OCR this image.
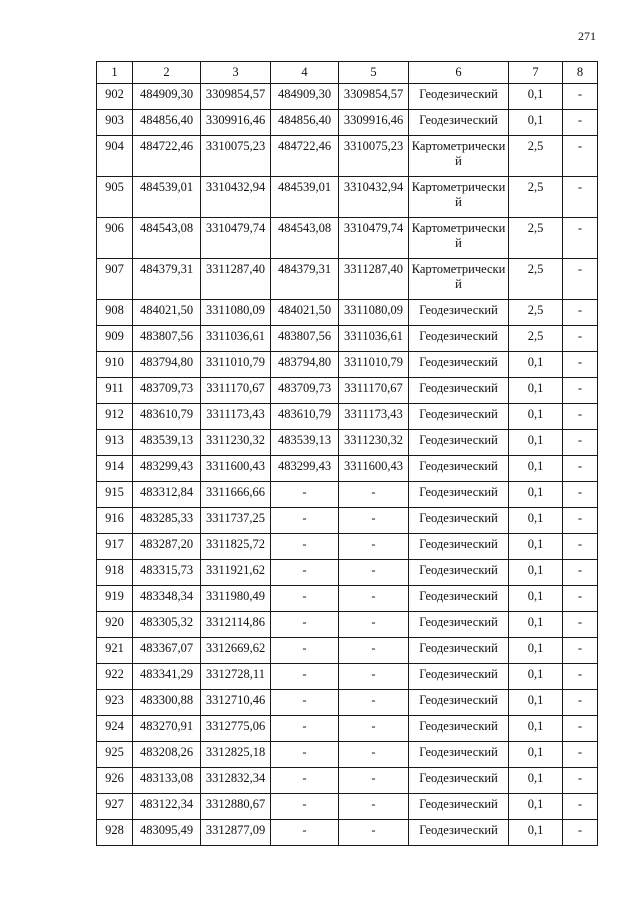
271
1	2	3	4	5	6	7	8
902	484909,30	3309854,57	484909,30	3309854,57	Геодезический	0,1	-
903	484856,40	3309916,46	484856,40	3309916,46	Геодезический	0,1	-
904	484722,46	3310075,23	484722,46	3310075,23	Картометрический	2,5	-
905	484539,01	3310432,94	484539,01	3310432,94	Картометрический	2,5	-
906	484543,08	3310479,74	484543,08	3310479,74	Картометрический	2,5	-
907	484379,31	3311287,40	484379,31	3311287,40	Картометрический	2,5	-
908	484021,50	3311080,09	484021,50	3311080,09	Геодезический	2,5	-
909	483807,56	3311036,61	483807,56	3311036,61	Геодезический	2,5	-
910	483794,80	3311010,79	483794,80	3311010,79	Геодезический	0,1	-
911	483709,73	3311170,67	483709,73	3311170,67	Геодезический	0,1	-
912	483610,79	3311173,43	483610,79	3311173,43	Геодезический	0,1	-
913	483539,13	3311230,32	483539,13	3311230,32	Геодезический	0,1	-
914	483299,43	3311600,43	483299,43	3311600,43	Геодезический	0,1	-
915	483312,84	3311666,66	-	-	Геодезический	0,1	-
916	483285,33	3311737,25	-	-	Геодезический	0,1	-
917	483287,20	3311825,72	-	-	Геодезический	0,1	-
918	483315,73	3311921,62	-	-	Геодезический	0,1	-
919	483348,34	3311980,49	-	-	Геодезический	0,1	-
920	483305,32	3312114,86	-	-	Геодезический	0,1	-
921	483367,07	3312669,62	-	-	Геодезический	0,1	-
922	483341,29	3312728,11	-	-	Геодезический	0,1	-
923	483300,88	3312710,46	-	-	Геодезический	0,1	-
924	483270,91	3312775,06	-	-	Геодезический	0,1	-
925	483208,26	3312825,18	-	-	Геодезический	0,1	-
926	483133,08	3312832,34	-	-	Геодезический	0,1	-
927	483122,34	3312880,67	-	-	Геодезический	0,1	-
928	483095,49	3312877,09	-	-	Геодезический	0,1	-
